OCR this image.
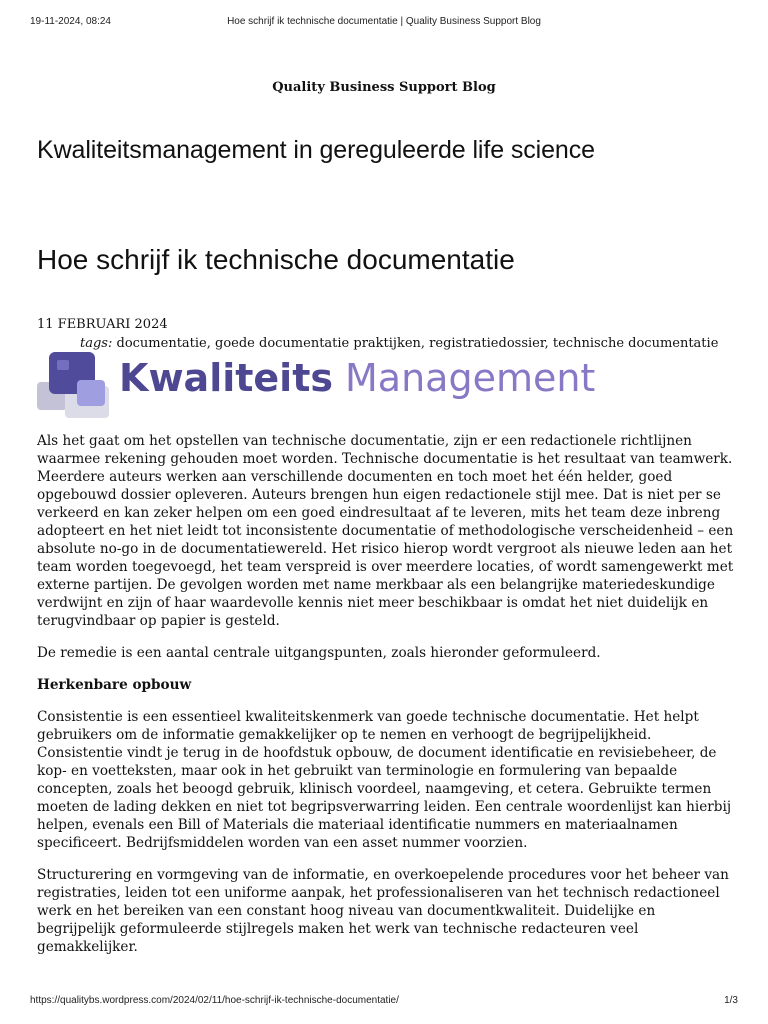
19-11-2024, 08:24	Hoe schrijf ik technische documentatie | Quality Business Support Blog
Quality Business Support Blog
Kwaliteitsmanagement in gereguleerde life science
Hoe schrijf ik technische documentatie
11 FEBRUARI 2024
tags: documentatie, goede documentatie praktijken, registratiedossier, technische documentatie
Kwaliteits Management

Als het gaat om het opstellen van technische documentatie, zijn er een redactionele richtlijnen waarmee rekening gehouden moet worden. Technische documentatie is het resultaat van teamwerk. Meerdere auteurs werken aan verschillende documenten en toch moet het één helder, goed opgebouwd dossier opleveren. Auteurs brengen hun eigen redactionele stijl mee. Dat is niet per se verkeerd en kan zeker helpen om een goed eindresultaat af te leveren, mits het team deze inbreng adopteert en het niet leidt tot inconsistente documentatie of methodologische verscheidenheid – een absolute no-go in de documentatiewereld. Het risico hierop wordt vergroot als nieuwe leden aan het team worden toegevoegd, het team verspreid is over meerdere locaties, of wordt samengewerkt met externe partijen. De gevolgen worden met name merkbaar als een belangrijke materiedeskundige verdwijnt en zijn of haar waardevolle kennis niet meer beschikbaar is omdat het niet duidelijk en terugvindbaar op papier is gesteld.

De remedie is een aantal centrale uitgangspunten, zoals hieronder geformuleerd.

Herkenbare opbouw

Consistentie is een essentieel kwaliteitskenmerk van goede technische documentatie. Het helpt gebruikers om de informatie gemakkelijker op te nemen en verhoogt de begrijpelijkheid. Consistentie vindt je terug in de hoofdstuk opbouw, de document identificatie en revisiebeheer, de kop- en voetteksten, maar ook in het gebruikt van terminologie en formulering van bepaalde concepten, zoals het beoogd gebruik, klinisch voordeel, naamgeving, et cetera. Gebruikte termen moeten de lading dekken en niet tot begripsverwarring leiden. Een centrale woordenlijst kan hierbij helpen, evenals een Bill of Materials die materiaal identificatie nummers en materiaalnamen specificeert. Bedrijfsmiddelen worden van een asset nummer voorzien.

Structurering en vormgeving van de informatie, en overkoepelende procedures voor het beheer van registraties, leiden tot een uniforme aanpak, het professionaliseren van het technisch redactioneel werk en het bereiken van een constant hoog niveau van documentkwaliteit. Duidelijke en begrijpelijk geformuleerde stijlregels maken het werk van technische redacteuren veel gemakkelijker.

https://qualitybs.wordpress.com/2024/02/11/hoe-schrijf-ik-technische-documentatie/	1/3
